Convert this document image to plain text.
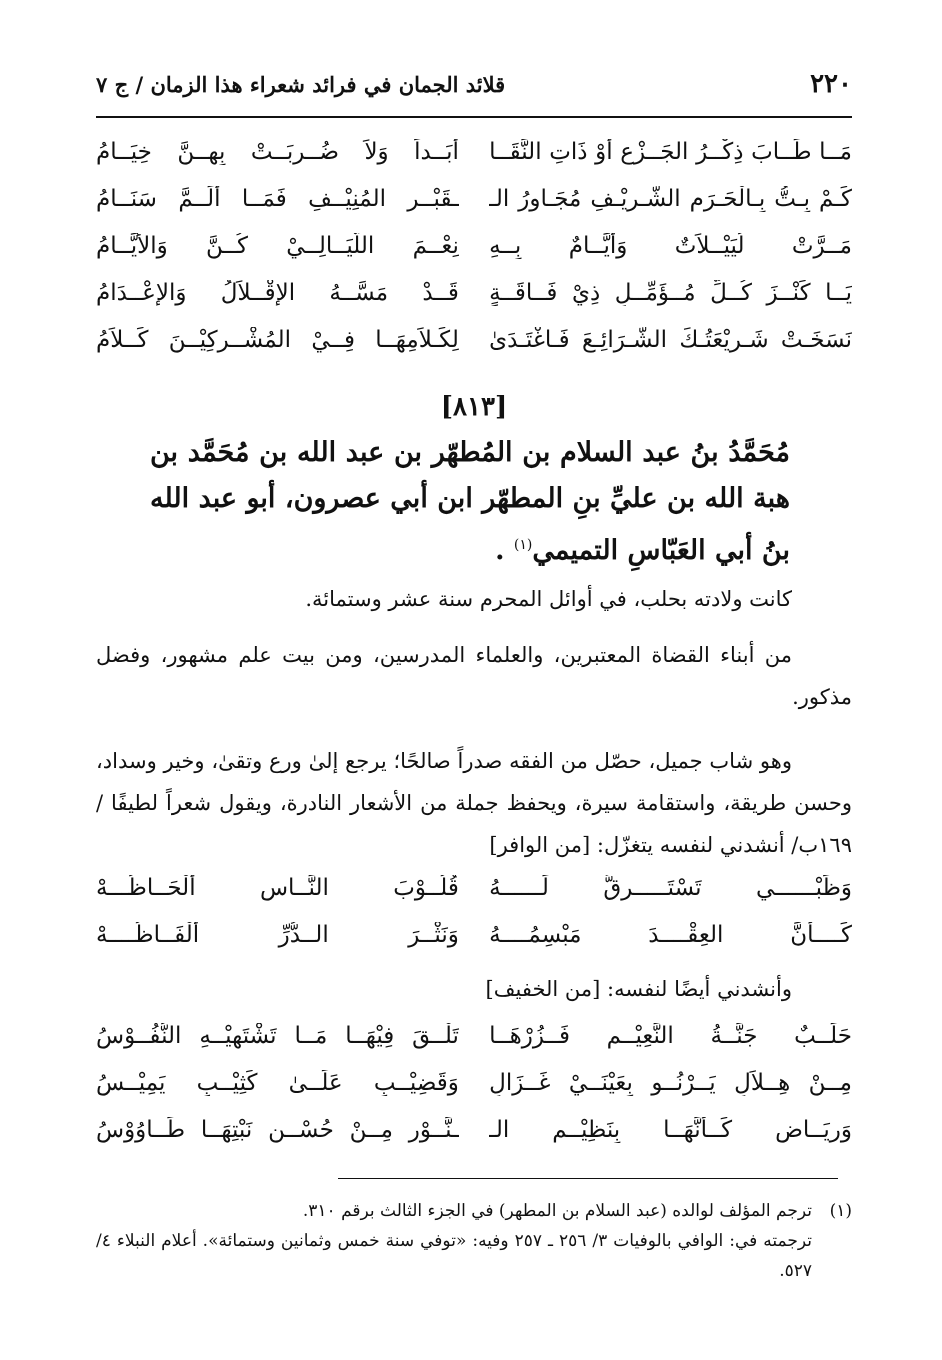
٢٢٠
قلائد الجمان في فرائد شعراء هذا الزمان / ج ٧
مَــا طَــابَ ذِكْــرُ الجَــزْعِ أَوْ ذَاتِ النَّقَــا
أَبَــداً وَلاَ ضُــرِبَــتْ بِهِــنَّ خِيَــامُ
كَـمْ بِـتُّ بِـالْحَـرَمِ الشَّـرِيْـفِ مُجَـاوِرُ الـ
ـقَبْــرِ المُنِيْــفِ فَمَــا أَلَــمَّ سَنَــامُ
مَــرَّتْ لُيَيْــلاَتٌ وَأَيَّــامٌ بِــهِ
نِعْــمَ اللَّيَــالِــيْ كُــنَّ وَالأَيَّــامُ
يَــا كَنْــزَ كُــلِّ مُــؤَمِّــلٍ ذِيْ فَــاقَــةٍ
قَــدْ مَسَّــهُ الإِقْــلاَلُ وَالإِعْــدَامُ
نَسَخَـتْ شَـرِيْعَتُـكَ الشَّـرَائِـعَ فَـاغْتَـدَىٰ
لِكَـلاَمِهَــا فِــيْ المُشْــرِكِيْــنَ كَــلاَمُ
[٨١٣]
مُحَمَّدُ بنُ عبد السلام بن المُطهّر بن عبد الله بن مُحَمَّد بن هبة الله بن عليِّ بنِ المطهّر ابن أبي عصرون، أبو عبد الله بنُ أبي العَبّاسِ التميمي$^{(١)}$ .
كانت ولادته بحلب، في أوائل المحرم سنة عشر وستمائة.
من أبناء القضاة المعتبرين، والعلماء المدرسين، ومن بيت علم مشهور، وفضل مذكور.
وهو شاب جميل، حصّل من الفقه صدراً صالحًا؛ يرجع إلىٰ ورع وتقىٰ، وخير وسداد، وحسن طريقة، واستقامة سيرة، ويحفظ جملة من الأشعار النادرة، ويقول شعراً لطيفًا / ١٦٩ب/ أنشدني لنفسه يتغزّل: [من الوافر]
وَظَبْــــــيٍ تَسْتَـــــرِقُّ لَــــــهُ
قُلُــوْبَ النَّــاسِ أَلْحَــاظُـــهْ
كَــــأَنَّ العِقْــــدَ مَبْسِمُــــهُ
وَنَثْــرَ الــدُّرِّ أَلْفَــاظُــــهْ
وأنشدني أيضًا لنفسه: [من الخفيف]
حَلَــبٌ جَنَّــةُ النَّعِيْــمِ فَــزُرْهَــا
تَلْــقَ فِيْهَــا مَــا تَشْتَهِيْــهِ النُّفُــوْسُ
مِــنْ هِــلاَلٍ يَــرْنُــو بِعَيْنَــيْ غَــزَالٍ
وَقَضِيْــبٍ عَلَــىٰ كَثِيْــبٍ يَمِيْــسُ
وَرِيَــاضٍ كَــأَنَّهَــا بِنَظِيْــمِ الـ
ـنَّــوْرِ مِــنْ حُسْــنِ نَبْتِهَــا طَــاوُوْسُ
(١)
ترجم المؤلف لوالده (عبد السلام بن المطهر) في الجزء الثالث برقم ٣١٠.
ترجمته في: الوافي بالوفيات ٣/ ٢٥٦ ـ ٢٥٧ وفيه: «توفي سنة خمس وثمانين وستمائة». أعلام النبلاء ٤/ ٥٢٧.
